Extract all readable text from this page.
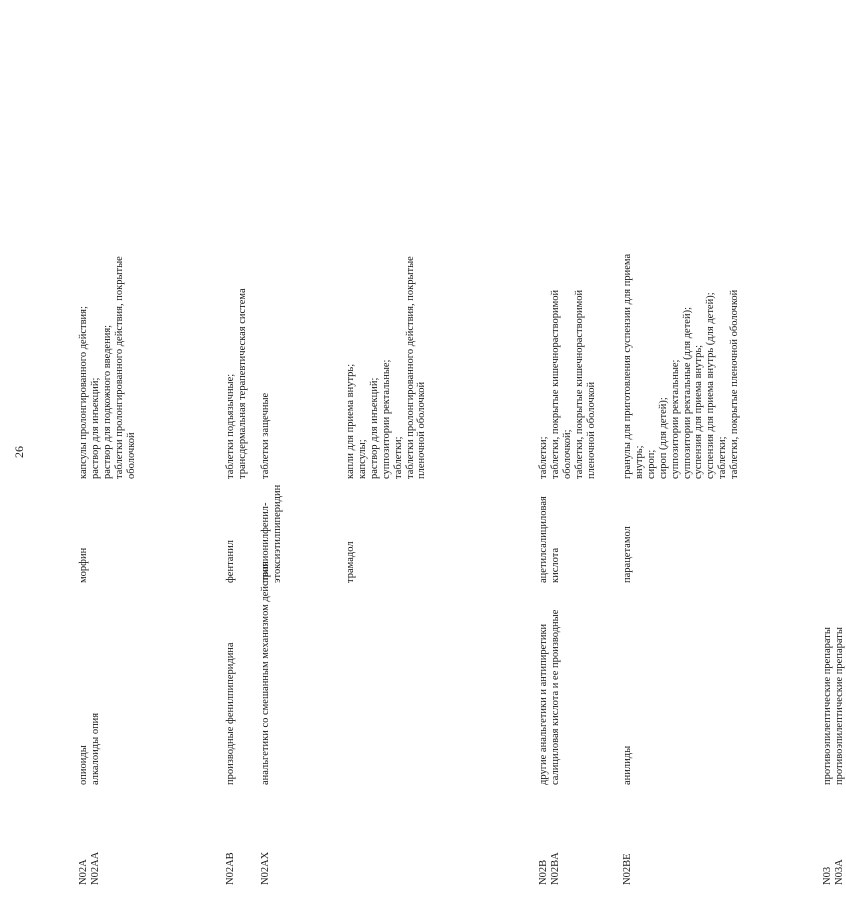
26
N02A N02AA
опиоиды алкалоиды опия
морфин
капсулы пролонгированного действия; раствор для инъекций; раствор для подкожного введения; таблетки пролонгированного действия, покрытые оболочкой
N02AB
производные фенилпиперидина
фентанил
таблетки подъязычные; трансдермальная терапевтическая система
N02AX
анальгетики со смешанным механизмом действия
пропионилфенил- этоксиэтилпиперидин
таблетки защечные
трамадол
капли для приема внутрь; капсулы; раствор для инъекций; суппозитории ректальные; таблетки; таблетки пролонгированного действия, покрытые пленочной оболочкой
N02B N02BA
другие анальгетики и антипиретики салициловая кислота и ее производные
ацетилсалициловая кислота
таблетки; таблетки, покрытые кишечнорастворимой оболочкой; таблетки, покрытые кишечнорастворимой пленочной оболочкой
N02BE
анилиды
парацетамол
гранулы для приготовления суспензии для приема внутрь; сироп; сироп (для детей); суппозитории ректальные; суппозитории ректальные (для детей); суспензия для приема внутрь; суспензия для приема внутрь (для детей); таблетки; таблетки, покрытые пленочной оболочкой
N03 N03A
противоэпилептические препараты противоэпилептические препараты
